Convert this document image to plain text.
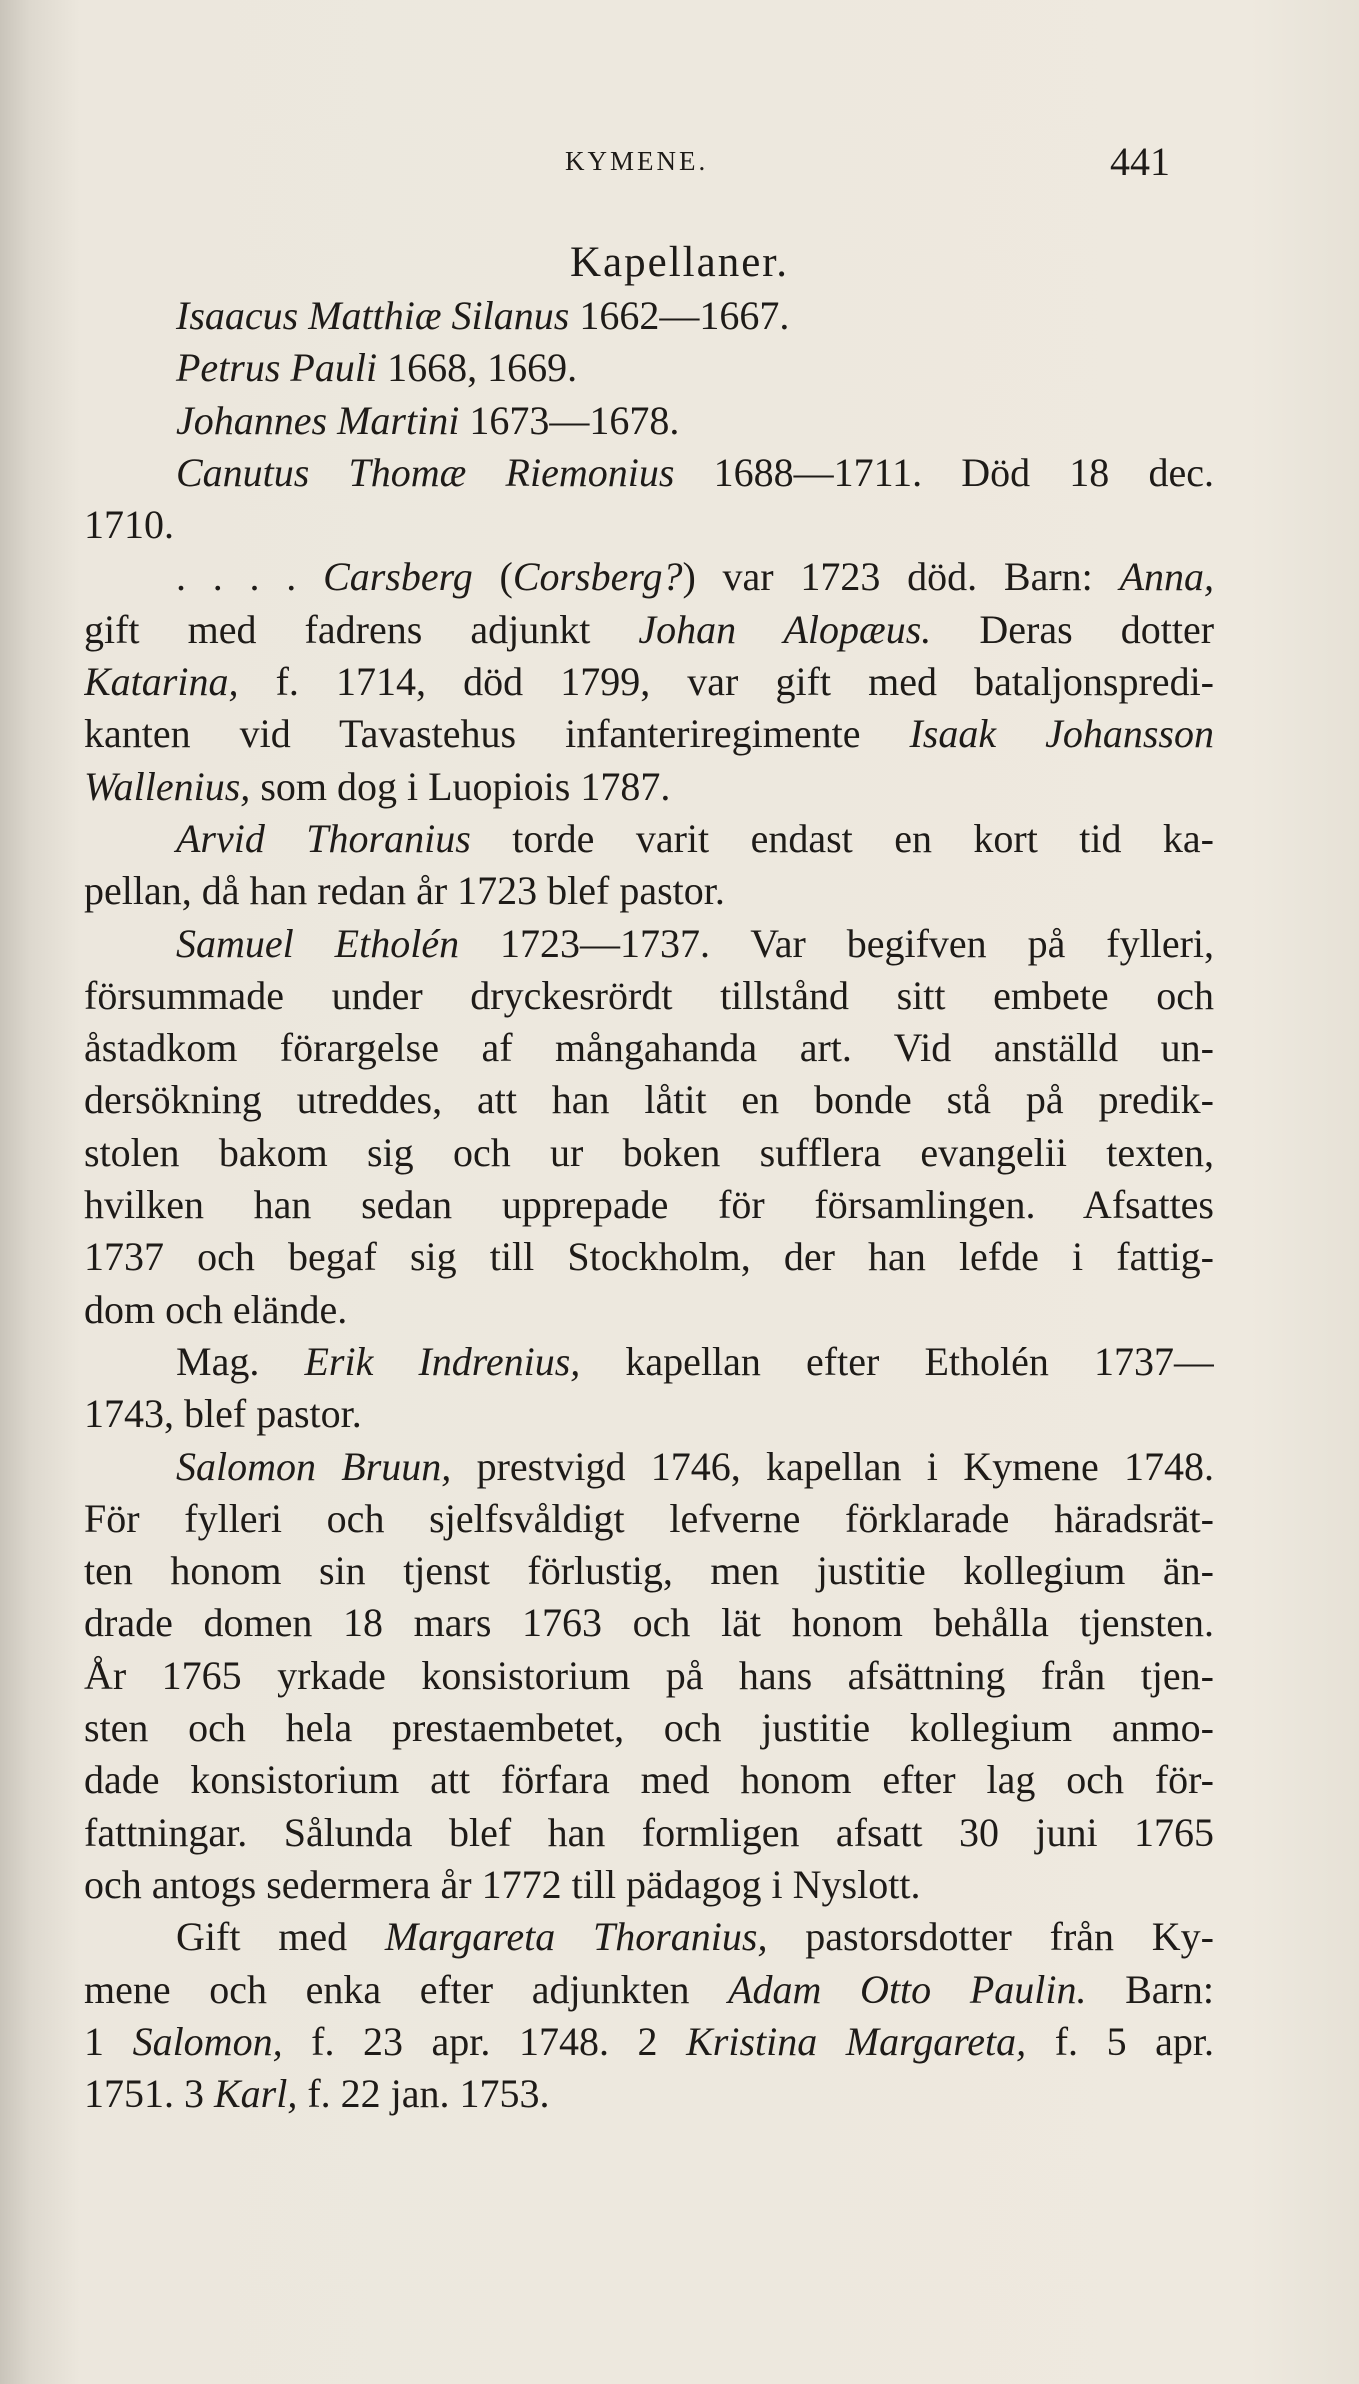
KYMENE.	441
Kapellaner.
Isaacus Matthiæ Silanus 1662—1667.
Petrus Pauli 1668, 1669.
Johannes Martini 1673—1678.
Canutus Thomæ Riemonius 1688—1711. Död 18 dec.
1710.
. . . . Carsberg (Corsberg?) var 1723 död. Barn: Anna,
gift med fadrens adjunkt Johan Alopæus. Deras dotter
Katarina, f. 1714, död 1799, var gift med bataljonspredi-
kanten vid Tavastehus infanteriregimente Isaak Johansson
Wallenius, som dog i Luopiois 1787.
Arvid Thoranius torde varit endast en kort tid ka-
pellan, då han redan år 1723 blef pastor.
Samuel Etholén 1723—1737. Var begifven på fylleri,
försummade under dryckesrördt tillstånd sitt embete och
åstadkom förargelse af mångahanda art. Vid anställd un-
dersökning utreddes, att han låtit en bonde stå på predik-
stolen bakom sig och ur boken sufflera evangelii texten,
hvilken han sedan upprepade för församlingen. Afsattes
1737 och begaf sig till Stockholm, der han lefde i fattig-
dom och elände.
Mag. Erik Indrenius, kapellan efter Etholén 1737—
1743, blef pastor.
Salomon Bruun, prestvigd 1746, kapellan i Kymene 1748.
För fylleri och sjelfsvåldigt lefverne förklarade häradsrät-
ten honom sin tjenst förlustig, men justitie kollegium än-
drade domen 18 mars 1763 och lät honom behålla tjensten.
År 1765 yrkade konsistorium på hans afsättning från tjen-
sten och hela prestaembetet, och justitie kollegium anmo-
dade konsistorium att förfara med honom efter lag och för-
fattningar. Sålunda blef han formligen afsatt 30 juni 1765
och antogs sedermera år 1772 till pädagog i Nyslott.
Gift med Margareta Thoranius, pastorsdotter från Ky-
mene och enka efter adjunkten Adam Otto Paulin. Barn:
1 Salomon, f. 23 apr. 1748. 2 Kristina Margareta, f. 5 apr.
1751. 3 Karl, f. 22 jan. 1753.
